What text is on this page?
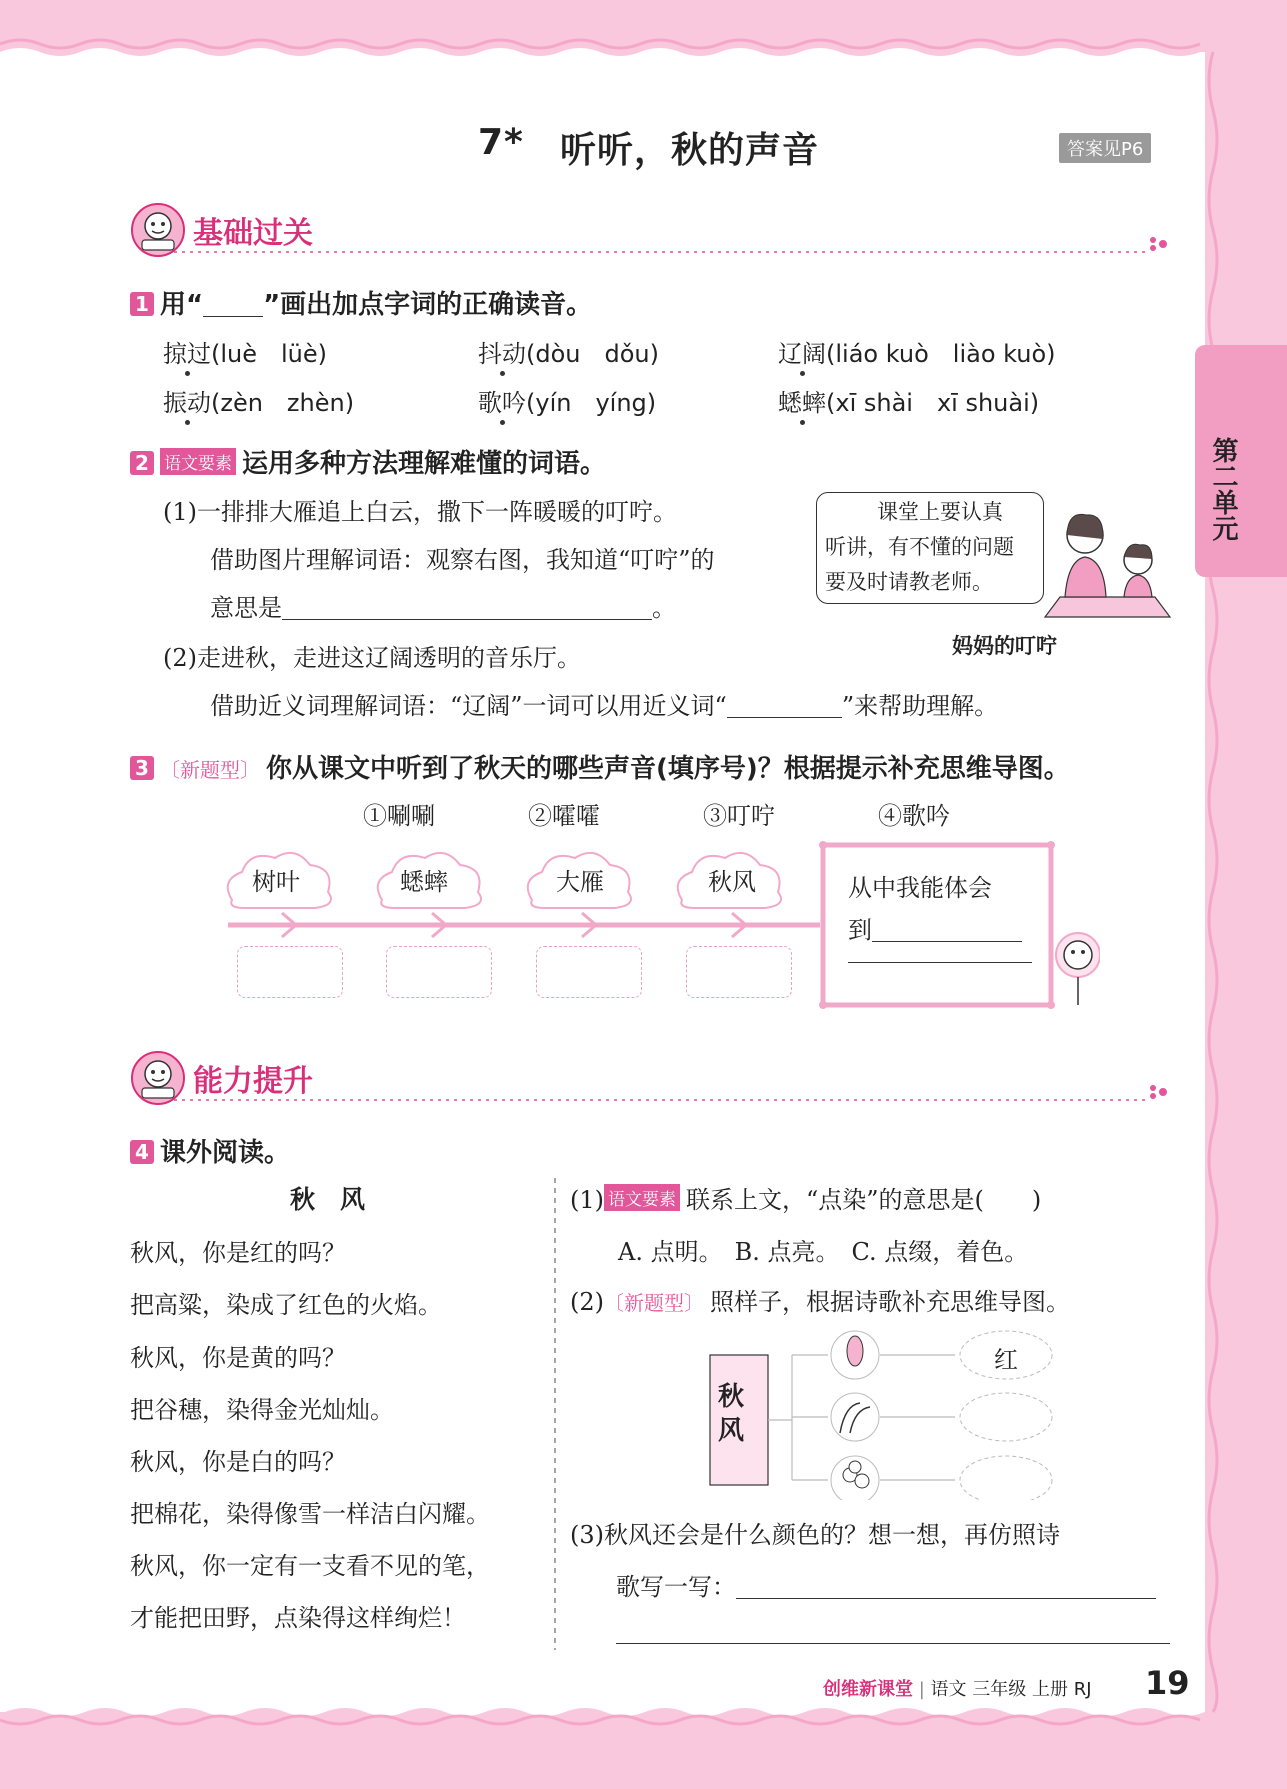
7* 听听，秋的声音	答案见P6
第二单元
基础过关
1 用“ ”画出加点字词的正确读音。
掠过(luè　lüè)	抖动(dòu　dǒu)	辽阔(liáo kuò　liào kuò)
振动(zèn　zhèn)	歌吟(yín　yíng)	蟋蟀(xī shài　xī shuài)
2 语文要素 运用多种方法理解难懂的词语。
(1)一排排大雁追上白云，撒下一阵暖暖的叮咛。
借助图片理解词语：观察右图，我知道“叮咛”的
意思是	。
(2)走进秋，走进这辽阔透明的音乐厅。
借助近义词理解词语：“辽阔”一词可以用近义词“	”来帮助理解。
课堂上要认真
听讲，有不懂的问题
要及时请教老师。
妈妈的叮咛
3 〔新题型〕 你从课文中听到了秋天的哪些声音(填序号)？根据提示补充思维导图。
①唰唰	②嚯嚯	③叮咛	④歌吟
树叶	蟋蟀	大雁	秋风	从中我能体会
到
能力提升
4 课外阅读。
秋　风
秋风，你是红的吗？
把高粱，染成了红色的火焰。
秋风，你是黄的吗？
把谷穗，染得金光灿灿。
秋风，你是白的吗？
把棉花，染得像雪一样洁白闪耀。
秋风，你一定有一支看不见的笔，
才能把田野，点染得这样绚烂！
(1) 语文要素 联系上文，“点染”的意思是(　　)
A. 点明。　B. 点亮。　C. 点缀，着色。
(2)〔新题型〕 照样子，根据诗歌补充思维导图。
秋风
红
(3)秋风还会是什么颜色的？想一想，再仿照诗
歌写一写：
创维新课堂 | 语文 三年级 上册 RJ 19
